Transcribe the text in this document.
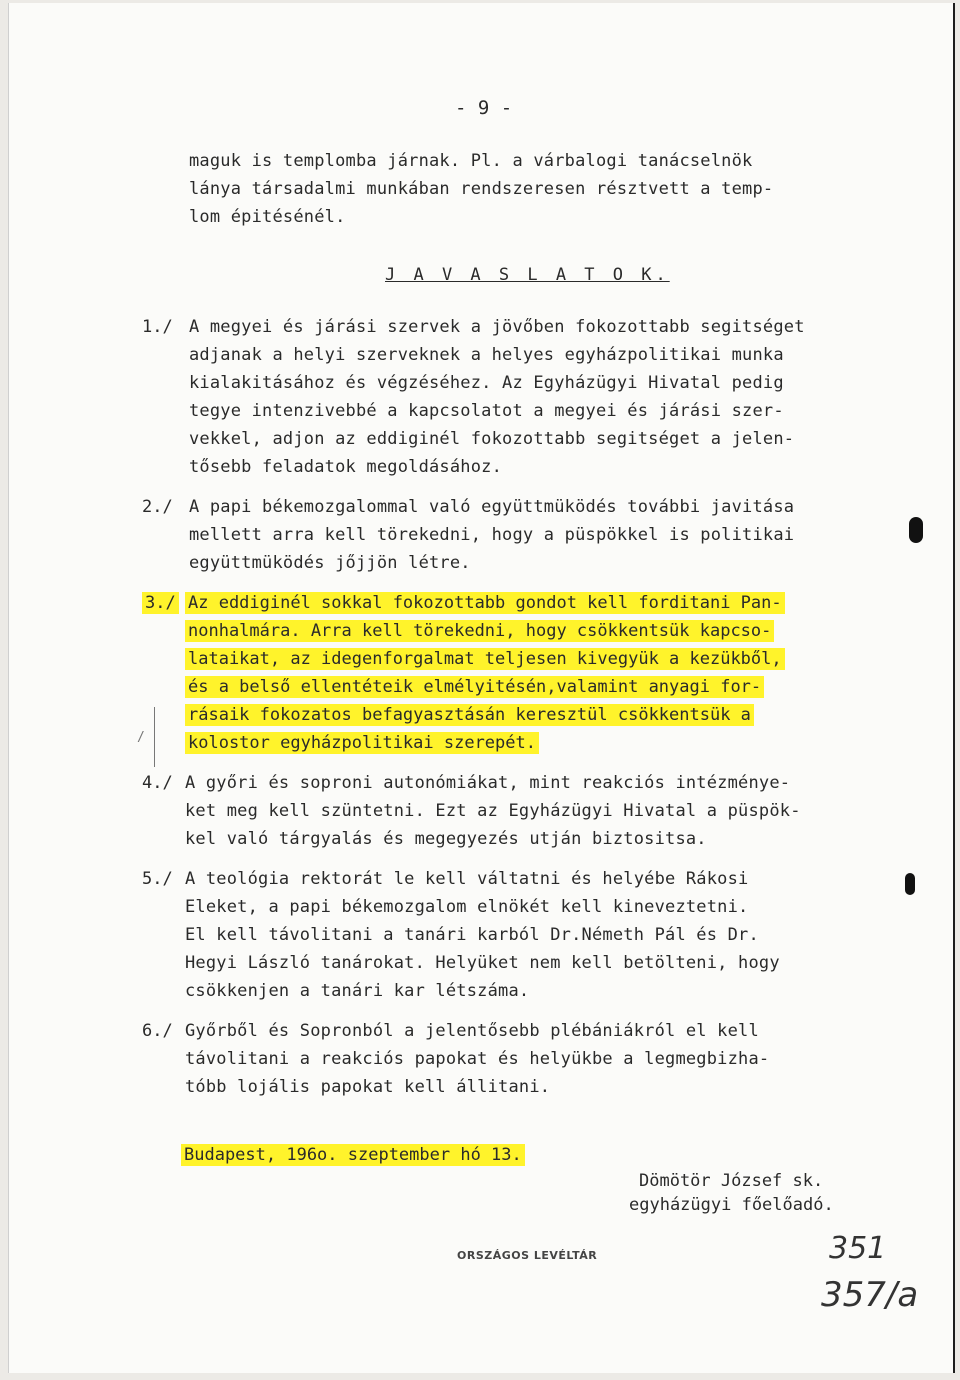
- 9 -
maguk is templomba járnak. Pl. a várbalogi tanácselnök
lánya társadalmi munkában rendszeresen résztvett a temp-
lom épitésénél.
J A V A S L A T O K.
1./ A megyei és járási szervek a jövőben fokozottabb segitséget
adjanak a helyi szerveknek a helyes egyházpolitikai munka
kialakitásához és végzéséhez. Az Egyházügyi Hivatal pedig
tegye intenzivebbé a kapcsolatot a megyei és járási szer-
vekkel, adjon az eddiginél fokozottabb segitséget a jelen-
tősebb feladatok megoldásához.
2./ A papi békemozgalommal való együttmüködés további javitása
mellett arra kell törekedni, hogy a püspökkel is politikai
együttmüködés jőjjön létre.
3./ Az eddiginél sokkal fokozottabb gondot kell forditani Pan-
nonhalmára. Arra kell törekedni, hogy csökkentsük kapcso-
lataikat, az idegenforgalmat teljesen kivegyük a kezükből,
és a belső ellentéteik elmélyitésén,valamint anyagi for-
rásaik fokozatos befagyasztásán keresztül csökkentsük a
kolostor egyházpolitikai szerepét.
/
4./ A győri és soproni autonómiákat, mint reakciós intézménye-
ket meg kell szüntetni. Ezt az Egyházügyi Hivatal a püspök-
kel való tárgyalás és megegyezés utján biztositsa.
5./ A teológia rektorát le kell váltatni és helyébe Rákosi
Eleket, a papi békemozgalom elnökét kell kineveztetni.
El kell távolitani a tanári karból Dr.Németh Pál és Dr.
Hegyi László tanárokat. Helyüket nem kell betölteni, hogy
csökkenjen a tanári kar létszáma.
6./ Győrből és Sopronból a jelentősebb plébániákról el kell
távolitani a reakciós papokat és helyükbe a legmegbizha-
tóbb lojális papokat kell állitani.
Budapest, 196o. szeptember hó 13.
Dömötör József sk.
egyházügyi főelőadó.
ORSZÁGOS LEVÉLTÁR	351
357/a
